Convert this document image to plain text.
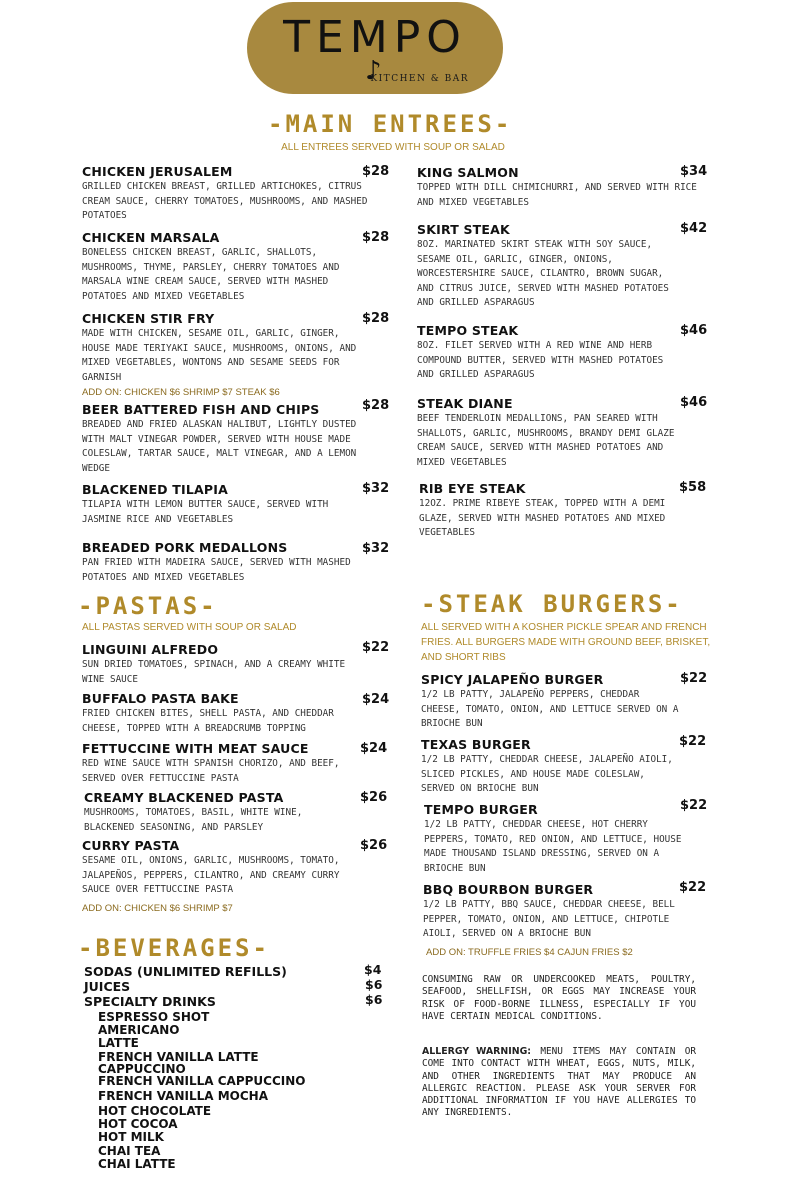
TEMPO
♪
KITCHEN & BAR
-MAIN ENTREES-
ALL ENTREES SERVED WITH SOUP OR SALAD
CHICKEN JERUSALEM
GRILLED CHICKEN BREAST, GRILLED ARTICHOKES, CITRUS CREAM SAUCE, CHERRY TOMATOES, MUSHROOMS, AND MASHED POTATOES
$28
CHICKEN MARSALA
BONELESS CHICKEN BREAST, GARLIC, SHALLOTS, MUSHROOMS, THYME, PARSLEY, CHERRY TOMATOES AND MARSALA WINE CREAM SAUCE, SERVED WITH MASHED POTATOES AND MIXED VEGETABLES
$28
CHICKEN STIR FRY
MADE WITH CHICKEN, SESAME OIL, GARLIC, GINGER, HOUSE MADE TERIYAKI SAUCE, MUSHROOMS, ONIONS, AND MIXED VEGETABLES, WONTONS AND SESAME SEEDS FOR GARNISH
ADD ON: CHICKEN $6 SHRIMP $7 STEAK $6
$28
BEER BATTERED FISH AND CHIPS
BREADED AND FRIED ALASKAN HALIBUT, LIGHTLY DUSTED WITH MALT VINEGAR POWDER, SERVED WITH HOUSE MADE COLESLAW, TARTAR SAUCE, MALT VINEGAR, AND A LEMON WEDGE
$28
BLACKENED TILAPIA
TILAPIA WITH LEMON BUTTER SAUCE, SERVED WITH JASMINE RICE AND VEGETABLES
$32
BREADED PORK MEDALLONS
PAN FRIED WITH MADEIRA SAUCE, SERVED WITH MASHED POTATOES AND MIXED VEGETABLES
$32
KING SALMON
TOPPED WITH DILL CHIMICHURRI, AND SERVED WITH RICE AND MIXED VEGETABLES
$34
SKIRT STEAK
8OZ. MARINATED SKIRT STEAK WITH SOY SAUCE, SESAME OIL, GARLIC, GINGER, ONIONS, WORCESTERSHIRE SAUCE, CILANTRO, BROWN SUGAR, AND CITRUS JUICE, SERVED WITH MASHED POTATOES AND GRILLED ASPARAGUS
$42
TEMPO STEAK
8OZ. FILET SERVED WITH A RED WINE AND HERB COMPOUND BUTTER, SERVED WITH MASHED POTATOES AND GRILLED ASPARAGUS
$46
STEAK DIANE
BEEF TENDERLOIN MEDALLIONS, PAN SEARED WITH SHALLOTS, GARLIC, MUSHROOMS, BRANDY DEMI GLAZE CREAM SAUCE, SERVED WITH MASHED POTATOES AND MIXED VEGETABLES
$46
RIB EYE STEAK
12OZ. PRIME RIBEYE STEAK, TOPPED WITH A DEMI GLAZE, SERVED WITH MASHED POTATOES AND MIXED VEGETABLES
$58
-PASTAS-
ALL PASTAS SERVED WITH SOUP OR SALAD
LINGUINI ALFREDO
SUN DRIED TOMATOES, SPINACH, AND A CREAMY WHITE WINE SAUCE
$22
BUFFALO PASTA BAKE
FRIED CHICKEN BITES, SHELL PASTA, AND CHEDDAR CHEESE, TOPPED WITH A BREADCRUMB TOPPING
$24
FETTUCCINE WITH MEAT SAUCE
RED WINE SAUCE WITH SPANISH CHORIZO, AND BEEF, SERVED OVER FETTUCCINE PASTA
$24
CREAMY BLACKENED PASTA
MUSHROOMS, TOMATOES, BASIL, WHITE WINE, BLACKENED SEASONING, AND PARSLEY
$26
CURRY PASTA
SESAME OIL, ONIONS, GARLIC, MUSHROOMS, TOMATO, JALAPEÑOS, PEPPERS, CILANTRO, AND CREAMY CURRY SAUCE OVER FETTUCCINE PASTA
$26
ADD ON: CHICKEN $6 SHRIMP $7
-STEAK BURGERS-
ALL SERVED WITH A KOSHER PICKLE SPEAR AND FRENCH FRIES. ALL BURGERS MADE WITH GROUND BEEF, BRISKET, AND SHORT RIBS
SPICY JALAPEÑO BURGER
1/2 LB PATTY, JALAPEÑO PEPPERS, CHEDDAR CHEESE, TOMATO, ONION, AND LETTUCE SERVED ON A BRIOCHE BUN
$22
TEXAS BURGER
1/2 LB PATTY, CHEDDAR CHEESE, JALAPEÑO AIOLI, SLICED PICKLES, AND HOUSE MADE COLESLAW, SERVED ON BRIOCHE BUN
$22
TEMPO BURGER
1/2 LB PATTY, CHEDDAR CHEESE, HOT CHERRY PEPPERS, TOMATO, RED ONION, AND LETTUCE, HOUSE MADE THOUSAND ISLAND DRESSING, SERVED ON A BRIOCHE BUN
$22
BBQ BOURBON BURGER
1/2 LB PATTY, BBQ SAUCE, CHEDDAR CHEESE, BELL PEPPER, TOMATO, ONION, AND LETTUCE, CHIPOTLE AIOLI, SERVED ON A BRIOCHE BUN
$22
ADD ON: TRUFFLE FRIES $4 CAJUN FRIES $2
-BEVERAGES-
SODAS (UNLIMITED REFILLS)	$4
JUICES	$6
SPECIALTY DRINKS	$6
ESPRESSO SHOT
AMERICANO
LATTE
FRENCH VANILLA LATTE
CAPPUCCINO
FRENCH VANILLA CAPPUCCINO
FRENCH VANILLA MOCHA
HOT CHOCOLATE
HOT COCOA
HOT MILK
CHAI TEA
CHAI LATTE
CONSUMING RAW OR UNDERCOOKED MEATS, POULTRY, SEAFOOD, SHELLFISH, OR EGGS MAY INCREASE YOUR RISK OF FOOD-BORNE ILLNESS, ESPECIALLY IF YOU HAVE CERTAIN MEDICAL CONDITIONS.
ALLERGY WARNING: MENU ITEMS MAY CONTAIN OR COME INTO CONTACT WITH WHEAT, EGGS, NUTS, MILK, AND OTHER INGREDIENTS THAT MAY PRODUCE AN ALLERGIC REACTION. PLEASE ASK YOUR SERVER FOR ADDITIONAL INFORMATION IF YOU HAVE ALLERGIES TO ANY INGREDIENTS.
